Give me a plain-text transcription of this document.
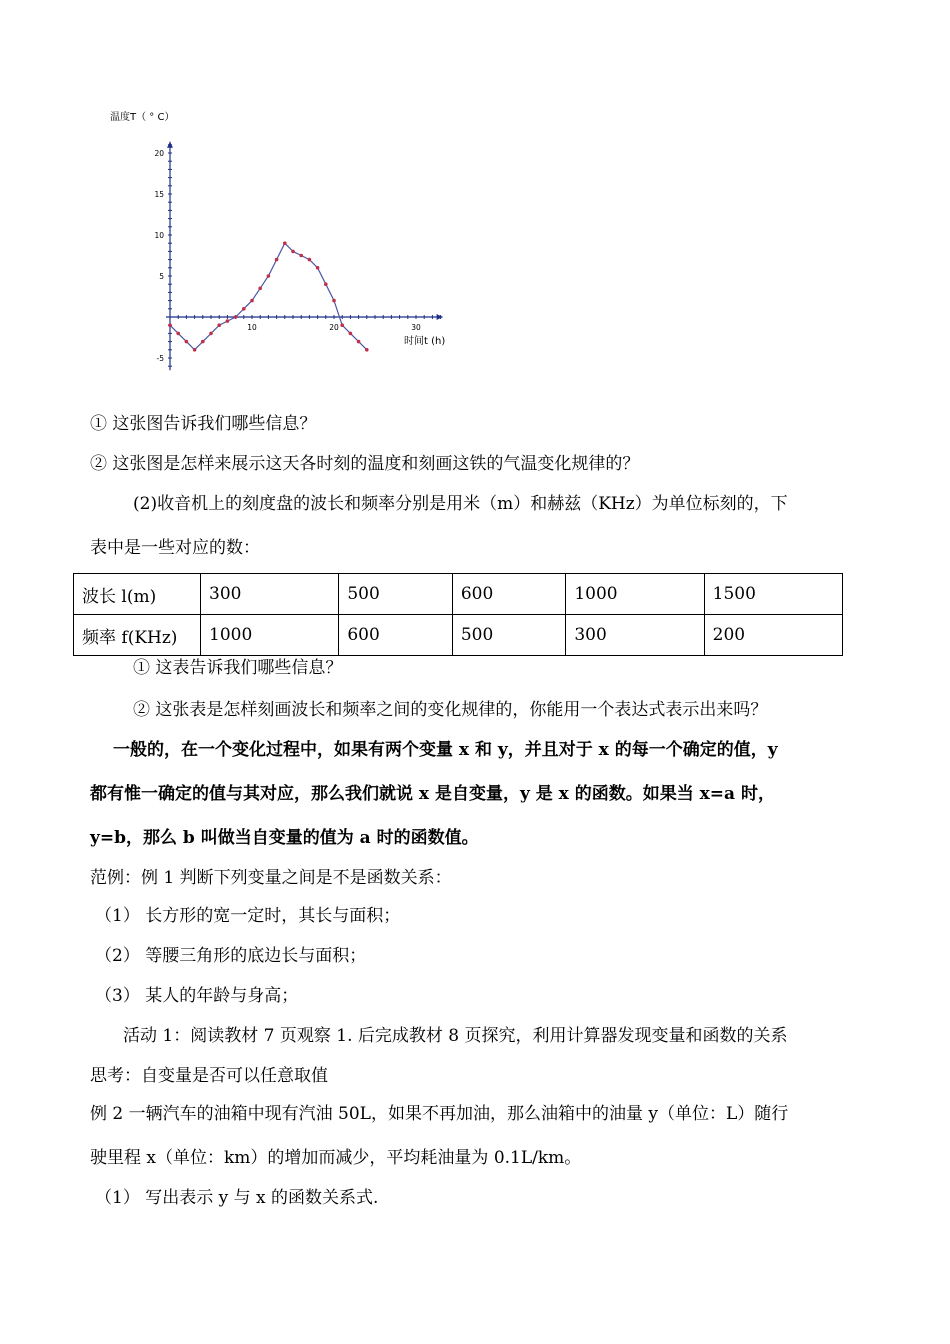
温度T（ ° C）
时间t (h)
10	20	30
20
15
10
5
-5
① 这张图告诉我们哪些信息？
② 这张图是怎样来展示这天各时刻的温度和刻画这铁的气温变化规律的？
(2)收音机上的刻度盘的波长和频率分别是用米（m）和赫兹（KHz）为单位标刻的，下
表中是一些对应的数：
波长 l(m)	300	500	600	1000	1500
频率 f(KHz)	1000	600	500	300	200
① 这表告诉我们哪些信息？
② 这张表是怎样刻画波长和频率之间的变化规律的，你能用一个表达式表示出来吗？
一般的，在一个变化过程中，如果有两个变量 x 和 y，并且对于 x 的每一个确定的值，y
都有惟一确定的值与其对应，那么我们就说 x 是自变量，y 是 x 的函数。如果当 x=a 时，
y=b，那么 b 叫做当自变量的值为 a 时的函数值。
范例：例 1 判断下列变量之间是不是函数关系：
（1） 长方形的宽一定时，其长与面积；
（2） 等腰三角形的底边长与面积；
（3） 某人的年龄与身高；
活动 1：阅读教材 7 页观察 1. 后完成教材 8 页探究，利用计算器发现变量和函数的关系
思考：自变量是否可以任意取值
例 2 一辆汽车的油箱中现有汽油 50L，如果不再加油，那么油箱中的油量 y（单位：L）随行
驶里程 x（单位：km）的增加而减少，平均耗油量为 0.1L/km。
（1） 写出表示 y 与 x 的函数关系式.
